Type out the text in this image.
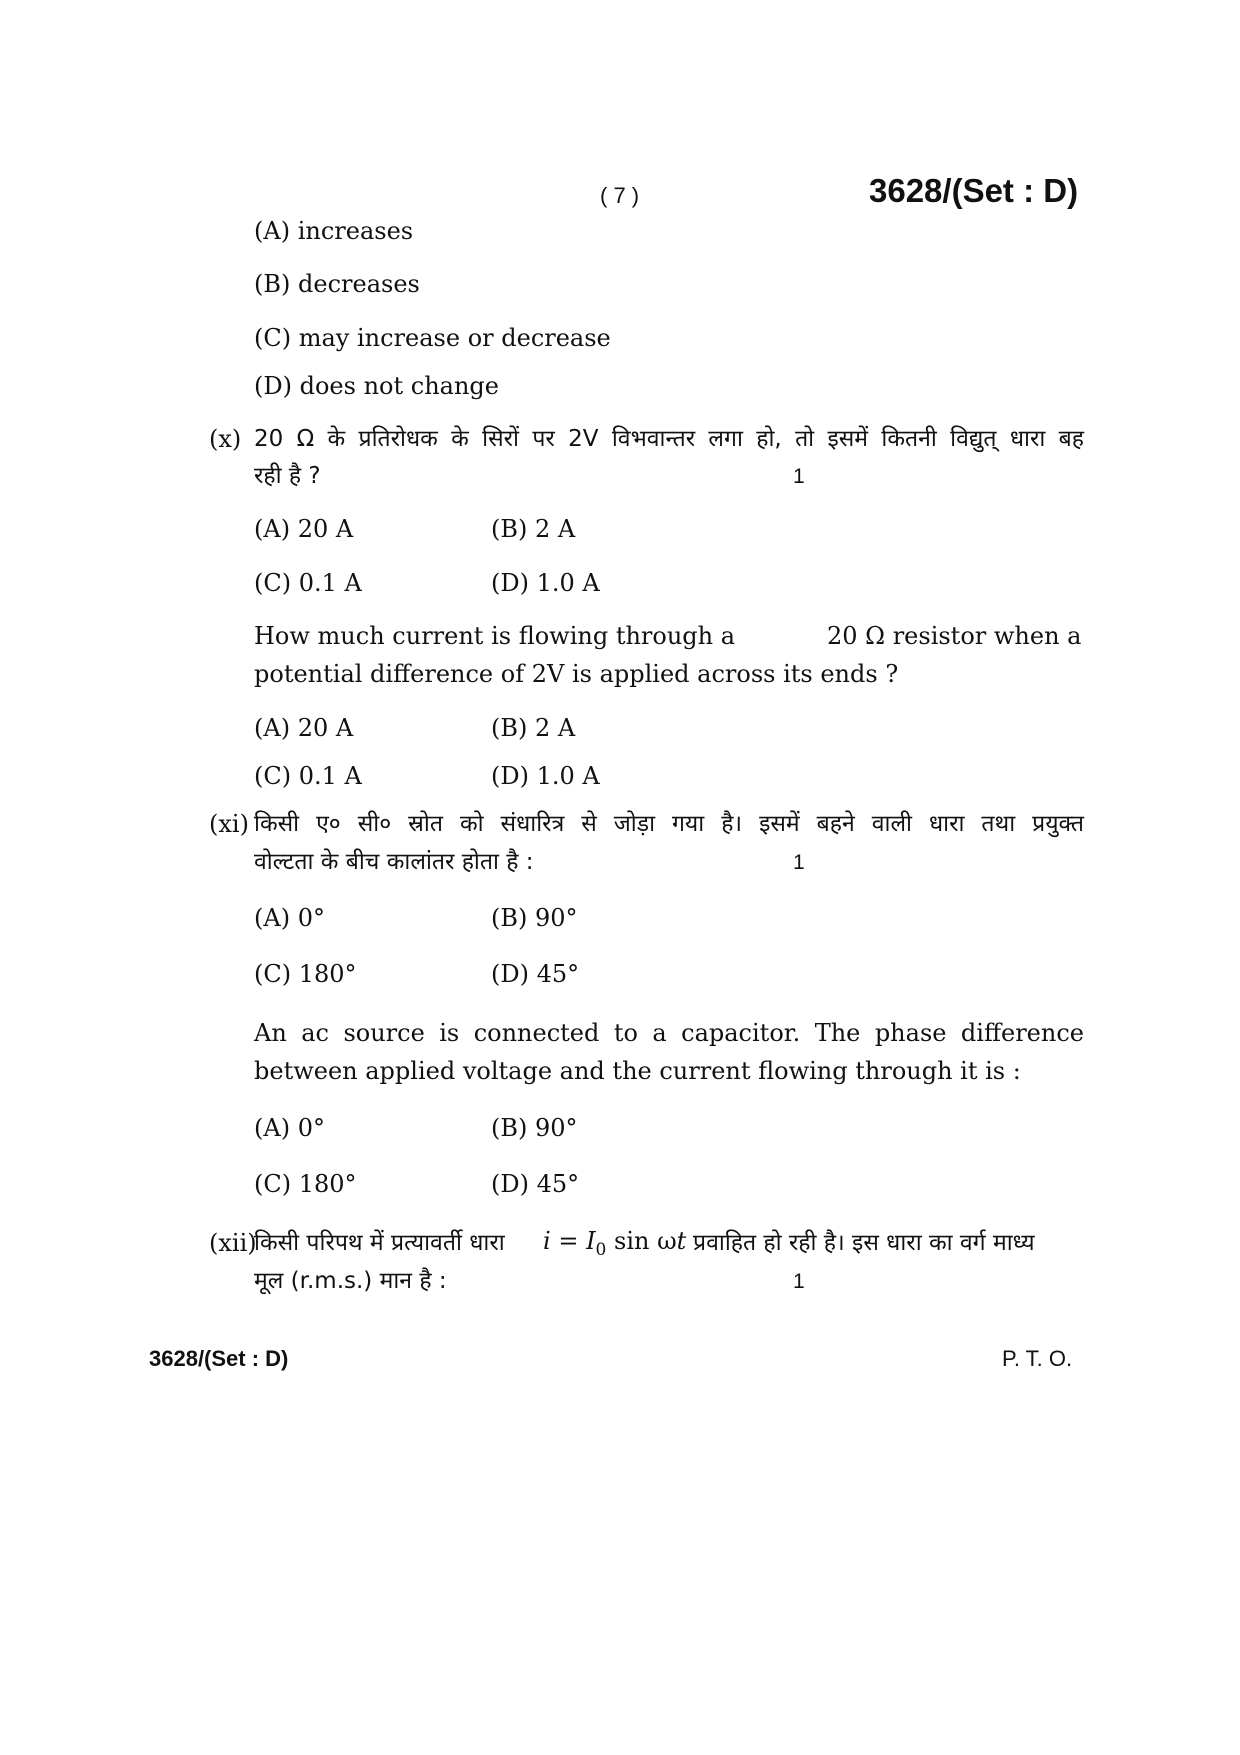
( 7 )	3628/(Set : D)
(A) increases
(B) decreases
(C) may increase or decrease
(D) does not change
(x) 20 Ω के प्रतिरोधक के सिरों पर 2V विभवान्तर लगा हो, तो इसमें कितनी विद्युत् धारा बह
रही है ?	1
(A) 20 A	(B) 2 A
(C) 0.1 A	(D) 1.0 A
How much current is flowing through a	20 Ω resistor when a
potential difference of 2V is applied across its ends ?
(A) 20 A	(B) 2 A
(C) 0.1 A	(D) 1.0 A
(xi) किसी ए० सी० स्रोत को संधारित्र से जोड़ा गया है। इसमें बहने वाली धारा तथा प्रयुक्त
वोल्टता के बीच कालांतर होता है :	1
(A) 0°	(B) 90°
(C) 180°	(D) 45°
An ac source is connected to a capacitor. The phase difference
between applied voltage and the current flowing through it is :
(A) 0°	(B) 90°
(C) 180°	(D) 45°
(xii)
किसी परिपथ में प्रत्यावर्ती धारा $i = I_0$ sin ωt प्रवाहित हो रही है। इस धारा का वर्ग माध्य
मूल (r.m.s.) मान है :	1
3628/(Set : D)	P. T. O.
